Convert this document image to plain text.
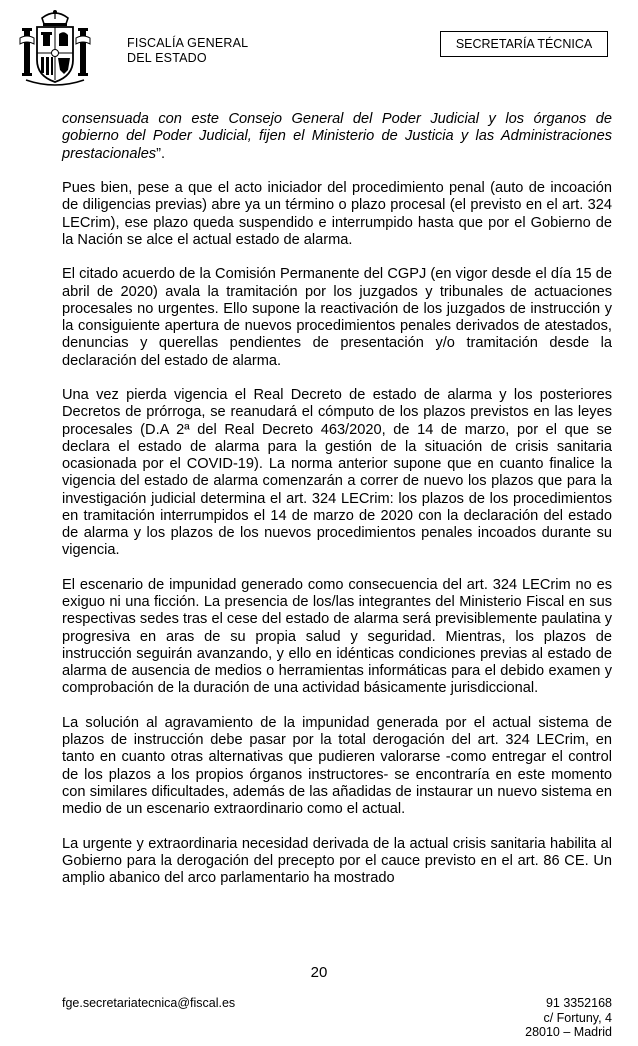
FISCALÍA GENERAL
DEL ESTADO
SECRETARÍA TÉCNICA

consensuada con este Consejo General del Poder Judicial y los órganos de gobierno del Poder Judicial, fijen el Ministerio de Justicia y las Administraciones prestacionales”.

Pues bien, pese a que el acto iniciador del procedimiento penal (auto de incoación de diligencias previas) abre ya un término o plazo procesal (el previsto en el art. 324 LECrim), ese plazo queda suspendido e interrumpido hasta que por el Gobierno de la Nación se alce el actual estado de alarma.

El citado acuerdo de la Comisión Permanente del CGPJ (en vigor desde el día 15 de abril de 2020) avala la tramitación por los juzgados y tribunales de actuaciones procesales no urgentes. Ello supone la reactivación de los juzgados de instrucción y la consiguiente apertura de nuevos procedimientos penales derivados de atestados, denuncias y querellas pendientes de presentación y/o tramitación desde la declaración del estado de alarma.

Una vez pierda vigencia el Real Decreto de estado de alarma y los posteriores Decretos de prórroga, se reanudará el cómputo de los plazos previstos en las leyes procesales (D.A 2ª del Real Decreto 463/2020, de 14 de marzo, por el que se declara el estado de alarma para la gestión de la situación de crisis sanitaria ocasionada por el COVID-19). La norma anterior supone que en cuanto finalice la vigencia del estado de alarma comenzarán a correr de nuevo los plazos que para la investigación judicial determina el art. 324 LECrim: los plazos de los procedimientos en tramitación interrumpidos el 14 de marzo de 2020 con la declaración del estado de alarma y los plazos de los nuevos procedimientos penales incoados durante su vigencia.

El escenario de impunidad generado como consecuencia del art. 324 LECrim no es exiguo ni una ficción. La presencia de los/las integrantes del Ministerio Fiscal en sus respectivas sedes tras el cese del estado de alarma será previsiblemente paulatina y progresiva en aras de su propia salud y seguridad. Mientras, los plazos de instrucción seguirán avanzando, y ello en idénticas condiciones previas al estado de alarma de ausencia de medios o herramientas informáticas para el debido examen y comprobación de la duración de una actividad básicamente jurisdiccional.

La solución al agravamiento de la impunidad generada por el actual sistema de plazos de instrucción debe pasar por la total derogación del art. 324 LECrim, en tanto en cuanto otras alternativas que pudieren valorarse -como entregar el control de los plazos a los propios órganos instructores- se encontraría en este momento con similares dificultades, además de las añadidas de instaurar un nuevo sistema en medio de un escenario extraordinario como el actual.

La urgente y extraordinaria necesidad derivada de la actual crisis sanitaria habilita al Gobierno para la derogación del precepto por el cauce previsto en el art. 86 CE. Un amplio abanico del arco parlamentario ha mostrado

20
fge.secretariatecnica@fiscal.es	91 3352168
c/ Fortuny, 4
28010 – Madrid
